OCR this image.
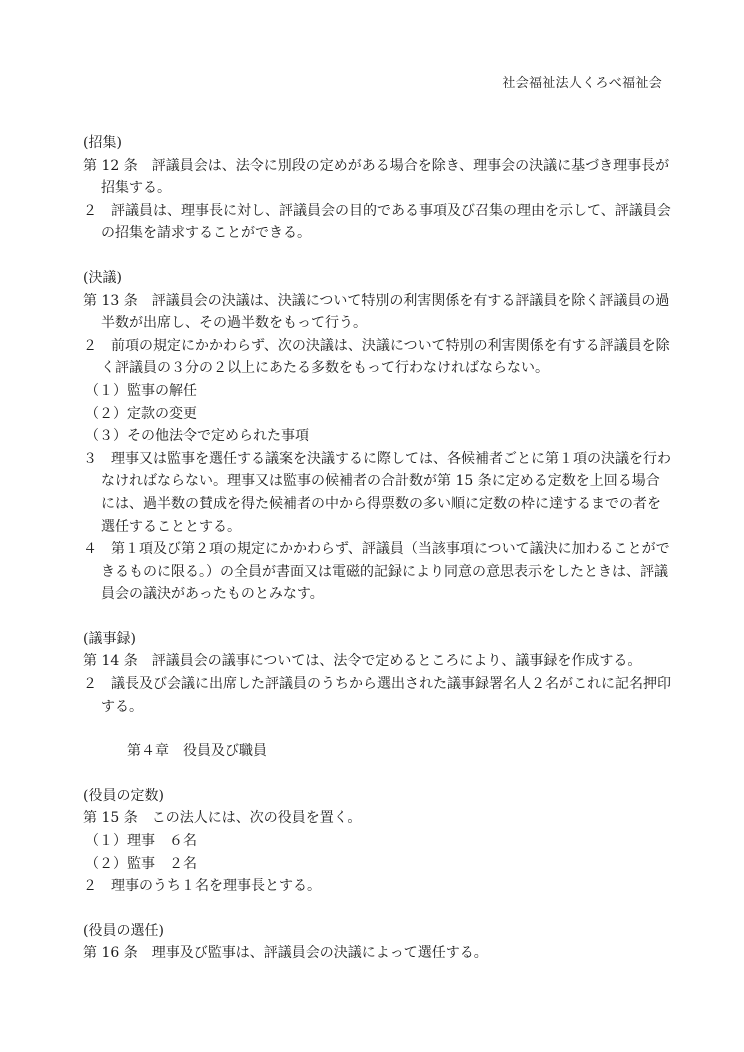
社会福祉法人くろべ福祉会

(招集)

第 12 条　評議員会は、法令に別段の定めがある場合を除き、理事会の決議に基づき理事長が招集する。

２　評議員は、理事長に対し、評議員会の目的である事項及び召集の理由を示して、評議員会の招集を請求することができる。

(決議)

第 13 条　評議員会の決議は、決議について特別の利害関係を有する評議員を除く評議員の過半数が出席し、その過半数をもって行う。

２　前項の規定にかかわらず、次の決議は、決議について特別の利害関係を有する評議員を除く評議員の３分の２以上にあたる多数をもって行わなければならない。

（１）監事の解任

（２）定款の変更

（３）その他法令で定められた事項

３　理事又は監事を選任する議案を決議するに際しては、各候補者ごとに第１項の決議を行わなければならない。理事又は監事の候補者の合計数が第 15 条に定める定数を上回る場合には、過半数の賛成を得た候補者の中から得票数の多い順に定数の枠に達するまでの者を選任することとする。

４　第１項及び第２項の規定にかかわらず、評議員（当該事項について議決に加わることができるものに限る。）の全員が書面又は電磁的記録により同意の意思表示をしたときは、評議員会の議決があったものとみなす。

(議事録)

第 14 条　評議員会の議事については、法令で定めるところにより、議事録を作成する。

２　議長及び会議に出席した評議員のうちから選出された議事録署名人２名がこれに記名押印する。

第４章　役員及び職員

(役員の定数)

第 15 条　この法人には、次の役員を置く。

（１）理事　６名

（２）監事　２名

２　理事のうち１名を理事長とする。

(役員の選任)

第 16 条　理事及び監事は、評議員会の決議によって選任する。
